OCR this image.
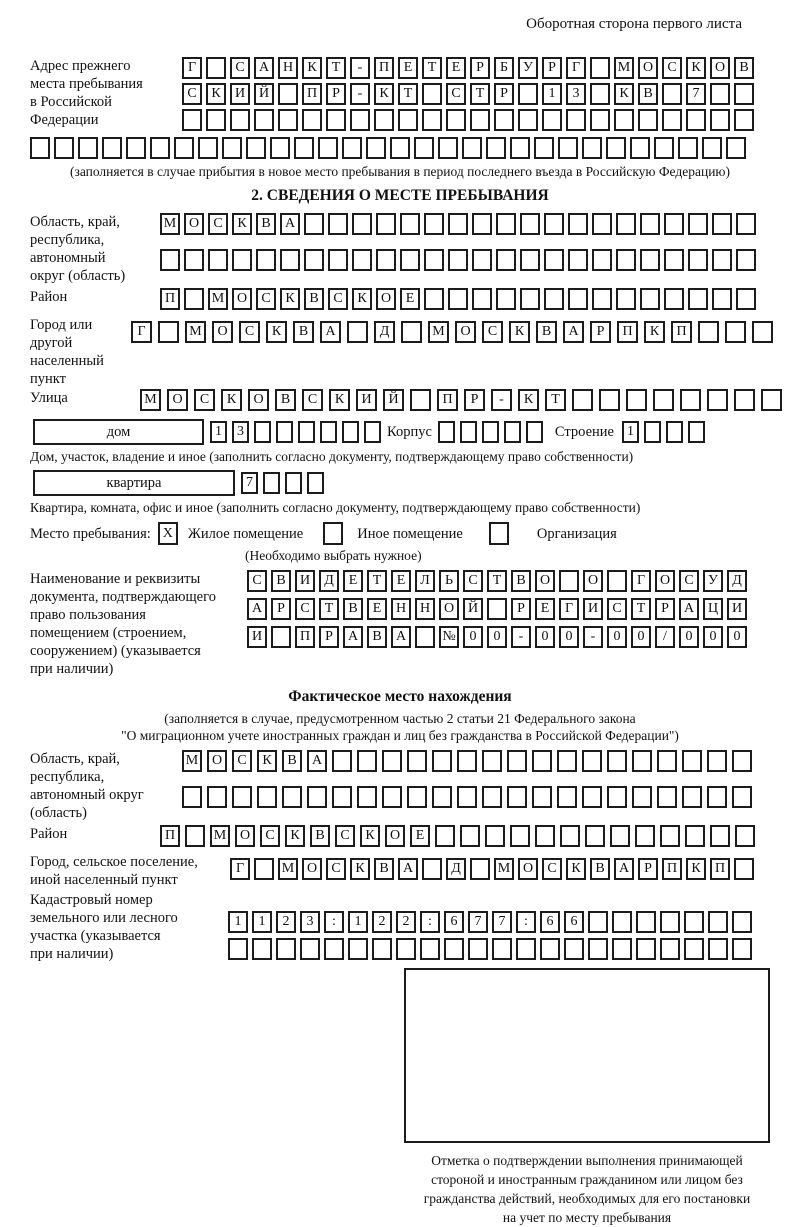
Оборотная сторона первого листа
Адрес прежнего
места пребывания
в Российской
Федерации
Г	С	А Н	К	Т	-	П	Е	Т	Е	Р	Б	У	Р	Г	М О	С	К	О	В
С	К	И Й	П	Р	-	К	Т	С	Т	Р	1	3	К	В	7
(заполняется в случае прибытия в новое место пребывания в период последнего въезда в Российскую Федерацию)
2. СВЕДЕНИЯ О МЕСТЕ ПРЕБЫВАНИЯ
Область, край,
республика,
автономный
округ (область)
М О	С	К	В	А
Район	П	М О	С	К	В	С	К	О	Е
Город или другой
населенный пункт
Г	М	О	С	К	В	А	Д	М	О	С	К	В	А	Р	П	К	П
Улица	М	О	С	К	О	В	С	К	И	Й	П	Р	-	К	Т
дом	1	3	Корпус	Строение 1
Дом, участок, владение и иное (заполнить согласно документу, подтверждающему право собственности)
квартира	7
Квартира, комната, офис и иное (заполнить согласно документу, подтверждающему право собственности)
Место пребывания: X	Жилое помещение	Иное помещение	Организация
(Необходимо выбрать нужное)
Наименование и реквизиты
документа, подтверждающего
право пользования
помещением (строением,
сооружением) (указывается
при наличии)
С	В	И	Д	Е	Т	Е	Л	Ь	С	Т	В	О	О	Г	О	С	У	Д
А	Р	С	Т	В	Е	Н Н О Й	Р	Е	Г	И	С	Т	Р	А Ц И
И	П	Р	А	В	А	№ 0	0	-	0	0	-	0	0	/	0	0	0
Фактическое место нахождения
(заполняется в случае, предусмотренном частью 2 статьи 21 Федерального закона
"О миграционном учете иностранных граждан и лиц без гражданства в Российской Федерации")
Область, край,
республика,
автономный округ
(область)
М О	С	К	В	А
Район	П	М О	С	К	В	С	К	О	Е
Город, сельское поселение,
иной населенный пункт
Г	М О	С	К	В	А	Д	М О	С	К	В	А	Р	П	К	П
Кадастровый номер
земельного или лесного
участка (указывается
при наличии)
1	1	2	3	:	1	2	2	:	6	7	7	:	6	6
Отметка о подтверждении выполнения принимающей
стороной и иностранным гражданином или лицом без
гражданства действий, необходимых для его постановки
на учет по месту пребывания
